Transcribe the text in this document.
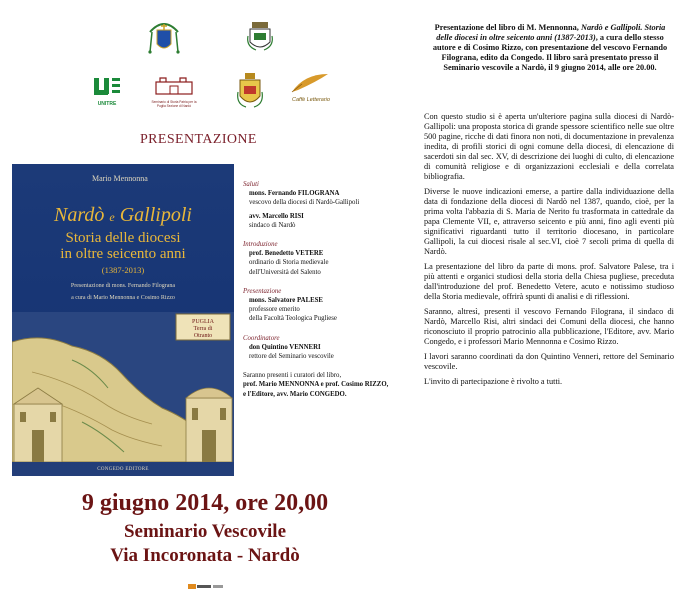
UNITRE	Seminario di Storia Patria per la Puglia Sezione di Nardò
Caffè Letterario
PRESENTAZIONE
Mario Mennonna
Nardò e Gallipoli
Storia delle diocesi
in oltre seicento anni
(1387-2013)
Presentazione di mons. Fernando Filograna
a cura di Mario Mennonna e Cosimo Rizzo
PUGLIA
Terra di
Otranto
CONGEDO EDITORE
Saluti
mons. Fernando FILOGRANA
vescovo della diocesi di Nardò-Gallipoli
avv. Marcello RISI
sindaco di Nardò
Introduzione
prof. Benedetto VETERE
ordinario di Storia medievale
dell'Università del Salento
Presentazione
mons. Salvatore PALESE
professore emerito
della Facoltà Teologica Pugliese
Coordinatore
don Quintino VENNERI
rettore del Seminario vescovile
Saranno presenti i curatori del libro,
prof. Mario MENNONNA e prof. Cosimo RIZZO,
e l'Editore, avv. Mario CONGEDO.
9 giugno 2014, ore 20,00
Seminario Vescovile
Via Incoronata - Nardò
Presentazione del libro di M. Mennonna, Nardò e Gallipoli. Storia delle diocesi in oltre seicento anni (1387-2013), a cura dello stesso autore e di Cosimo Rizzo, con presentazione del vescovo Fernando Filograna, edito da Congedo. Il libro sarà presentato presso il Seminario vescovile a Nardò, il 9 giugno 2014, alle ore 20.00.

Con questo studio si è aperta un'ulteriore pagina sulla diocesi di Nardò-Gallipoli: una proposta storica di grande spessore scientifico nelle sue oltre 500 pagine, ricche di dati finora non noti, di documentazione in prevalenza inedita, di profili storici di ogni comune della diocesi, di elencazione di sacerdoti sin dal sec. XV, di descrizione dei luoghi di culto, di elencazione di comunità religiose e di organizzazioni ecclesiali e della correlata bibliografia.

Diverse le nuove indicazioni emerse, a partire dalla individuazione della data di fondazione della diocesi di Nardò nel 1387, quando, cioè, per la prima volta l'abbazia di S. Maria de Nerito fu trasformata in cattedrale da papa Clemente VII, e, attraverso seicento e più anni, fino agli eventi più significativi riguardanti tutto il territorio diocesano, in particolare Gallipoli, la cui diocesi risale al sec.VI, cioè 7 secoli prima di quella di Nardò.

La presentazione del libro da parte di mons. prof. Salvatore Palese, tra i più attenti e organici studiosi della storia della Chiesa pugliese, preceduta dall'introduzione del prof. Benedetto Vetere, acuto e notissimo studioso della Storia medievale, offrirà spunti di analisi e di riflessioni.

Saranno, altresì, presenti il vescovo Fernando Filograna, il sindaco di Nardò, Marcello Risi, altri sindaci dei Comuni della diocesi, che hanno riconosciuto il proprio patrocinio alla pubblicazione, l'Editore, avv. Mario Congedo, e i professori Mario Mennonna e Cosimo Rizzo.

I lavori saranno coordinati da don Quintino Venneri, rettore del Seminario vescovile.

L'invito di partecipazione è rivolto a tutti.
